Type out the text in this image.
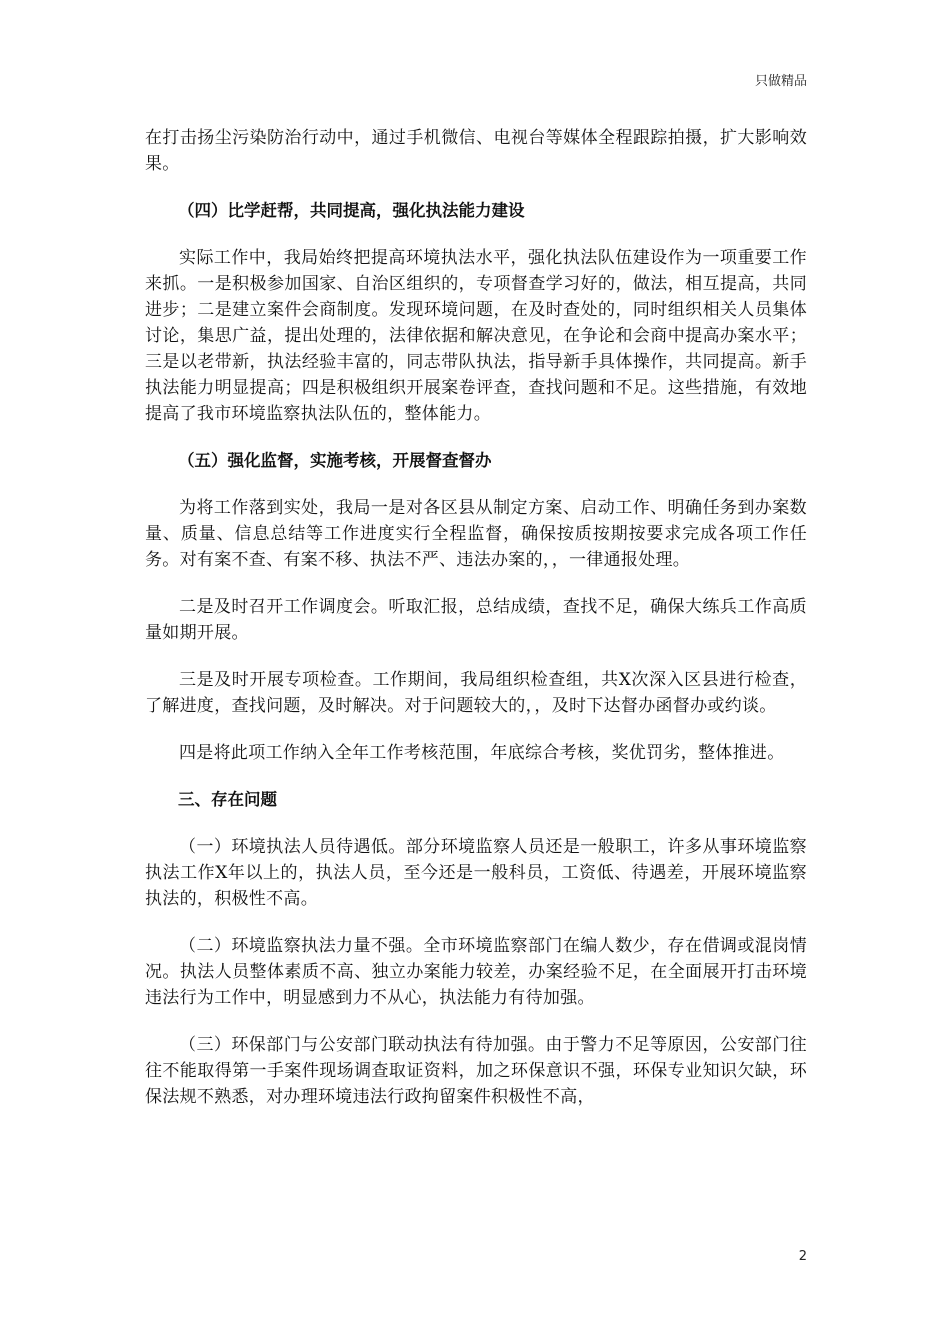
只做精品

在打击扬尘污染防治行动中，通过手机微信、电视台等媒体全程跟踪拍摄，扩大影响效果。

（四）比学赶帮，共同提高，强化执法能力建设

实际工作中，我局始终把提高环境执法水平，强化执法队伍建设作为一项重要工作来抓。一是积极参加国家、自治区组织的，专项督查学习好的，做法，相互提高，共同进步；二是建立案件会商制度。发现环境问题，在及时查处的，同时组织相关人员集体讨论，集思广益，提出处理的，法律依据和解决意见，在争论和会商中提高办案水平；三是以老带新，执法经验丰富的，同志带队执法，指导新手具体操作，共同提高。新手执法能力明显提高；四是积极组织开展案卷评查，查找问题和不足。这些措施，有效地提高了我市环境监察执法队伍的，整体能力。

（五）强化监督，实施考核，开展督查督办

为将工作落到实处，我局一是对各区县从制定方案、启动工作、明确任务到办案数量、质量、信息总结等工作进度实行全程监督，确保按质按期按要求完成各项工作任务。对有案不查、有案不移、执法不严、违法办案的，，一律通报处理。

二是及时召开工作调度会。听取汇报，总结成绩，查找不足，确保大练兵工作高质量如期开展。

三是及时开展专项检查。工作期间，我局组织检查组，共X次深入区县进行检查，了解进度，查找问题，及时解决。对于问题较大的，，及时下达督办函督办或约谈。

四是将此项工作纳入全年工作考核范围，年底综合考核，奖优罚劣，整体推进。

三、存在问题

（一）环境执法人员待遇低。部分环境监察人员还是一般职工，许多从事环境监察执法工作X年以上的，执法人员，至今还是一般科员，工资低、待遇差，开展环境监察执法的，积极性不高。

（二）环境监察执法力量不强。全市环境监察部门在编人数少，存在借调或混岗情况。执法人员整体素质不高、独立办案能力较差，办案经验不足，在全面展开打击环境违法行为工作中，明显感到力不从心，执法能力有待加强。

（三）环保部门与公安部门联动执法有待加强。由于警力不足等原因，公安部门往往不能取得第一手案件现场调查取证资料，加之环保意识不强，环保专业知识欠缺，环保法规不熟悉，对办理环境违法行政拘留案件积极性不高，

2
